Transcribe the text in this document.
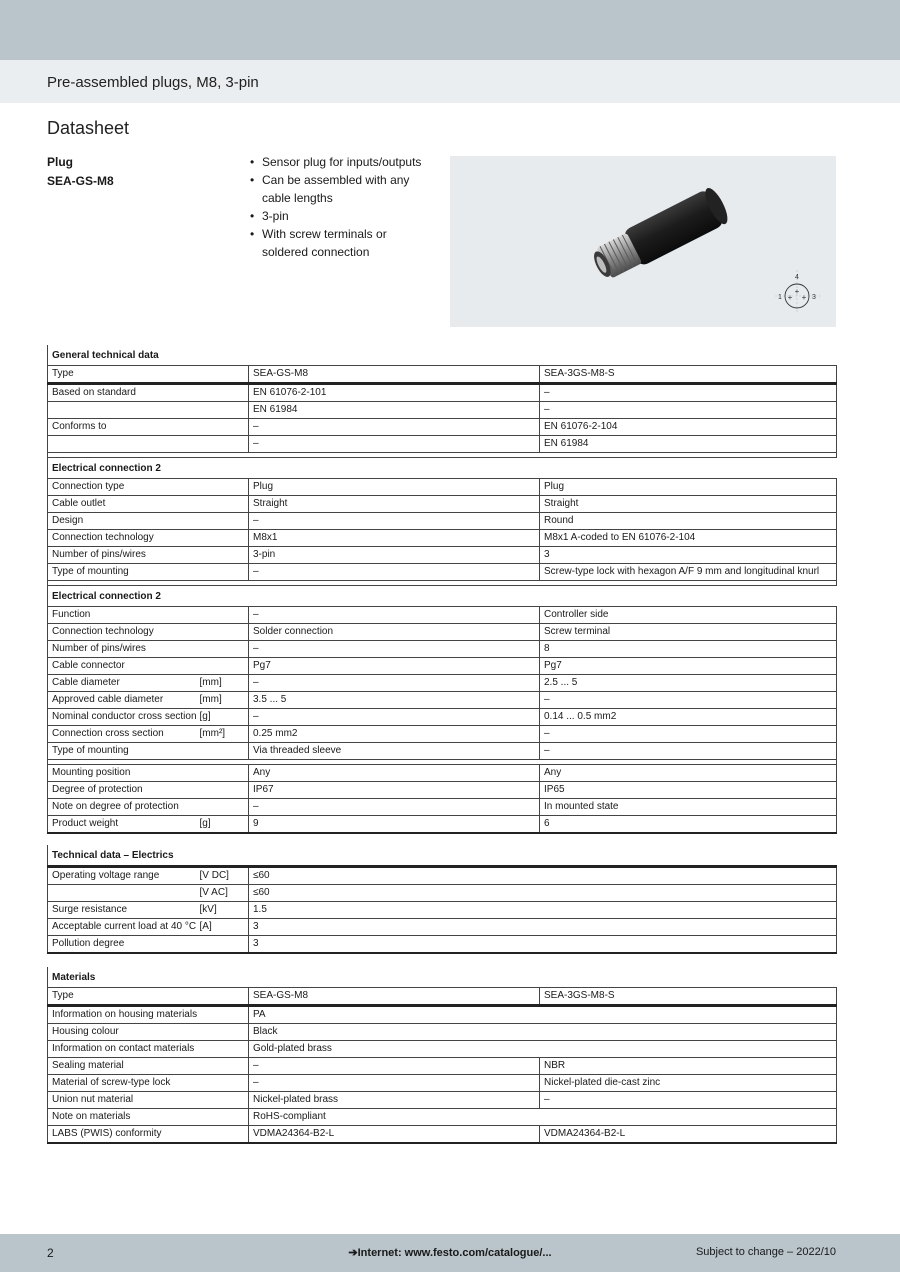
Pre-assembled plugs, M8, 3-pin
Datasheet
Plug
SEA-GS-M8
• Sensor plug for inputs/outputs
• Can be assembled with any cable lengths
• 3-pin
• With screw terminals or soldered connection
+
+ +
4
1	3
General technical data			
Type		SEA-GS-M8	SEA-3GS-M8-S
Based on standard		EN 61076-2-101	–
		EN 61984	–
Conforms to		–	EN 61076-2-104
		–	EN 61984

Electrical connection 2			
Connection type		Plug	Plug
Cable outlet		Straight	Straight
Design		–	Round
Connection technology		M8x1	M8x1 A-coded to EN 61076-2-104
Number of pins/wires		3-pin	3
Type of mounting		–	Screw-type lock with hexagon A/F 9 mm and longitudinal knurl

Electrical connection 2			
Function		–	Controller side
Connection technology		Solder connection	Screw terminal
Number of pins/wires		–	8
Cable connector		Pg7	Pg7
Cable diameter	[mm]	–	2.5 ... 5
Approved cable diameter	[mm]	3.5 ... 5	–
Nominal conductor cross section	[g]	–	0.14 ... 0.5 mm2
Connection cross section	[mm²]	0.25 mm2	–
Type of mounting		Via threaded sleeve	–

Mounting position		Any	Any
Degree of protection		IP67	IP65
Note on degree of protection		–	In mounted state
Product weight	[g]	9	6
Technical data – Electrics		
Operating voltage range	[V DC]	≤60
	[V AC]	≤60
Surge resistance	[kV]	1.5
Acceptable current load at 40 °C	[A]	3
Pollution degree		3
Materials		
Type	SEA-GS-M8	SEA-3GS-M8-S
Information on housing materials	PA	
Housing colour	Black	
Information on contact materials	Gold-plated brass	
Sealing material	–	NBR
Material of screw-type lock	–	Nickel-plated die-cast zinc
Union nut material	Nickel-plated brass	–
Note on materials	RoHS-compliant	
LABS (PWIS) conformity	VDMA24364-B2-L	VDMA24364-B2-L
2	➔Internet: www.festo.com/catalogue/...	Subject to change – 2022/10
